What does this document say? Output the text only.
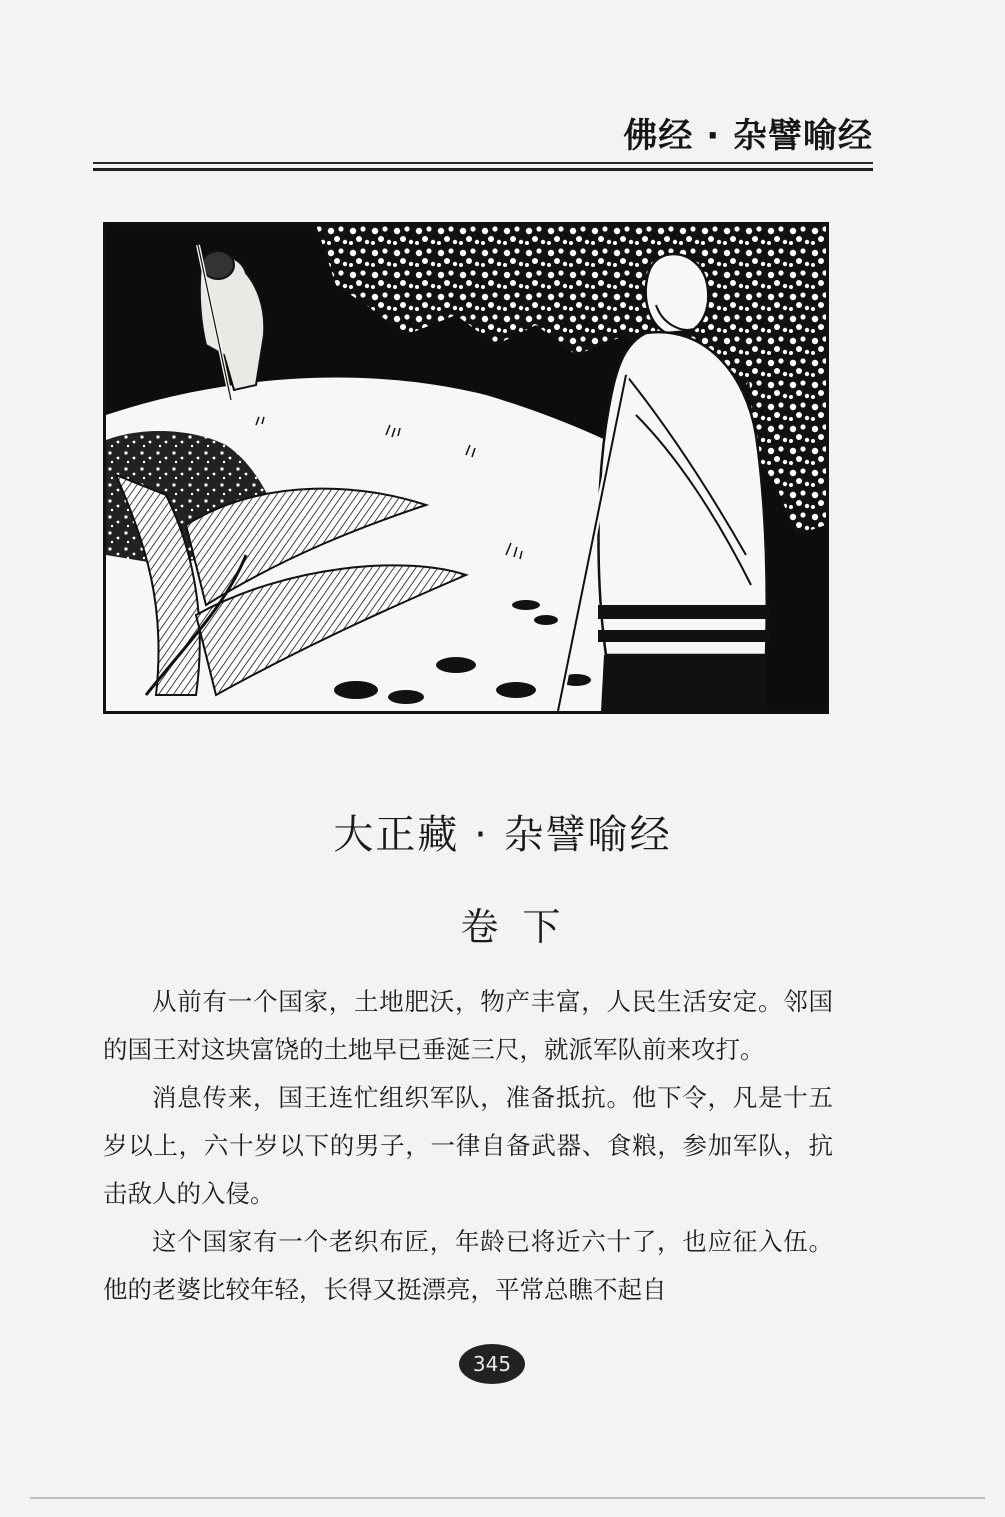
佛经 · 杂譬喻经
大正藏 · 杂譬喻经
卷下

从前有一个国家，土地肥沃，物产丰富，人民生活安定。邻国的国王对这块富饶的土地早已垂涎三尺，就派军队前来攻打。

消息传来，国王连忙组织军队，准备抵抗。他下令，凡是十五岁以上，六十岁以下的男子，一律自备武器、食粮，参加军队，抗击敌人的入侵。

这个国家有一个老织布匠，年龄已将近六十了，也应征入伍。他的老婆比较年轻，长得又挺漂亮，平常总瞧不起自

345
